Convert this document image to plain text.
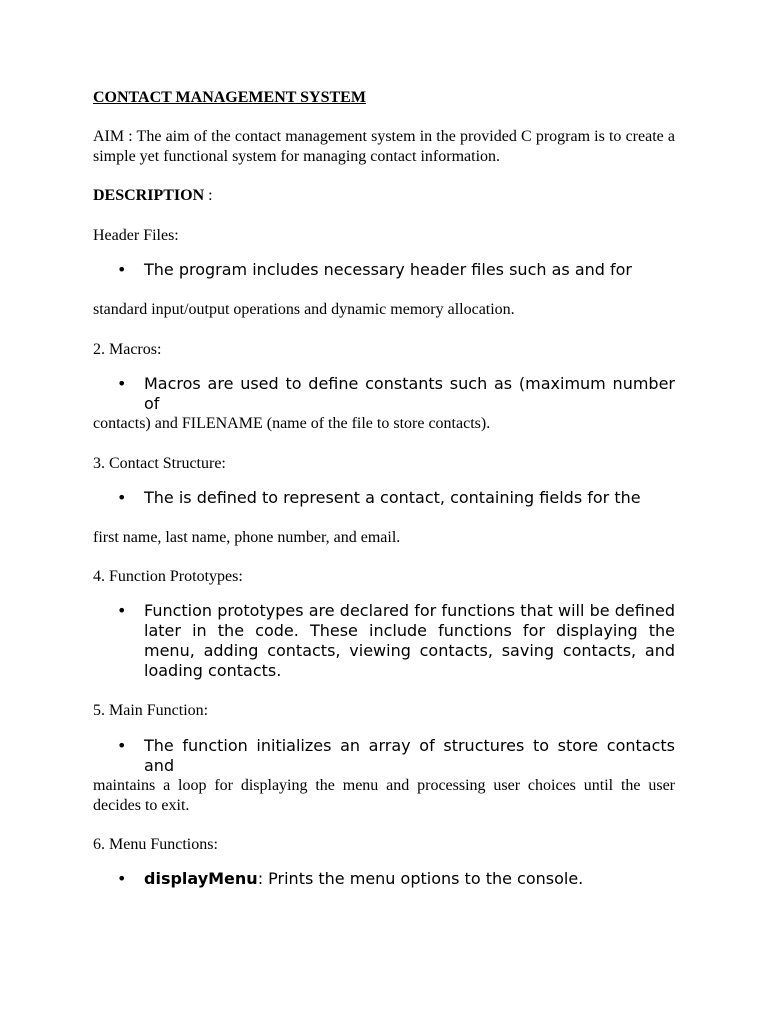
CONTACT MANAGEMENT SYSTEM
AIM : The aim of the contact management system in the provided C program is to create a simple yet functional system for managing contact information.
DESCRIPTION :
Header Files:
• The program includes necessary header files such as and for
standard input/output operations and dynamic memory allocation.
2. Macros:
• Macros are used to define constants such as (maximum number of
contacts) and FILENAME (name of the file to store contacts).
3. Contact Structure:
• The is defined to represent a contact, containing fields for the
first name, last name, phone number, and email.
4. Function Prototypes:
• Function prototypes are declared for functions that will be defined later in the code. These include functions for displaying the menu, adding contacts, viewing contacts, saving contacts, and loading contacts.
5. Main Function:
• The function initializes an array of structures to store contacts and
maintains a loop for displaying the menu and processing user choices until the user decides to exit.
6. Menu Functions:
• displayMenu: Prints the menu options to the console.
